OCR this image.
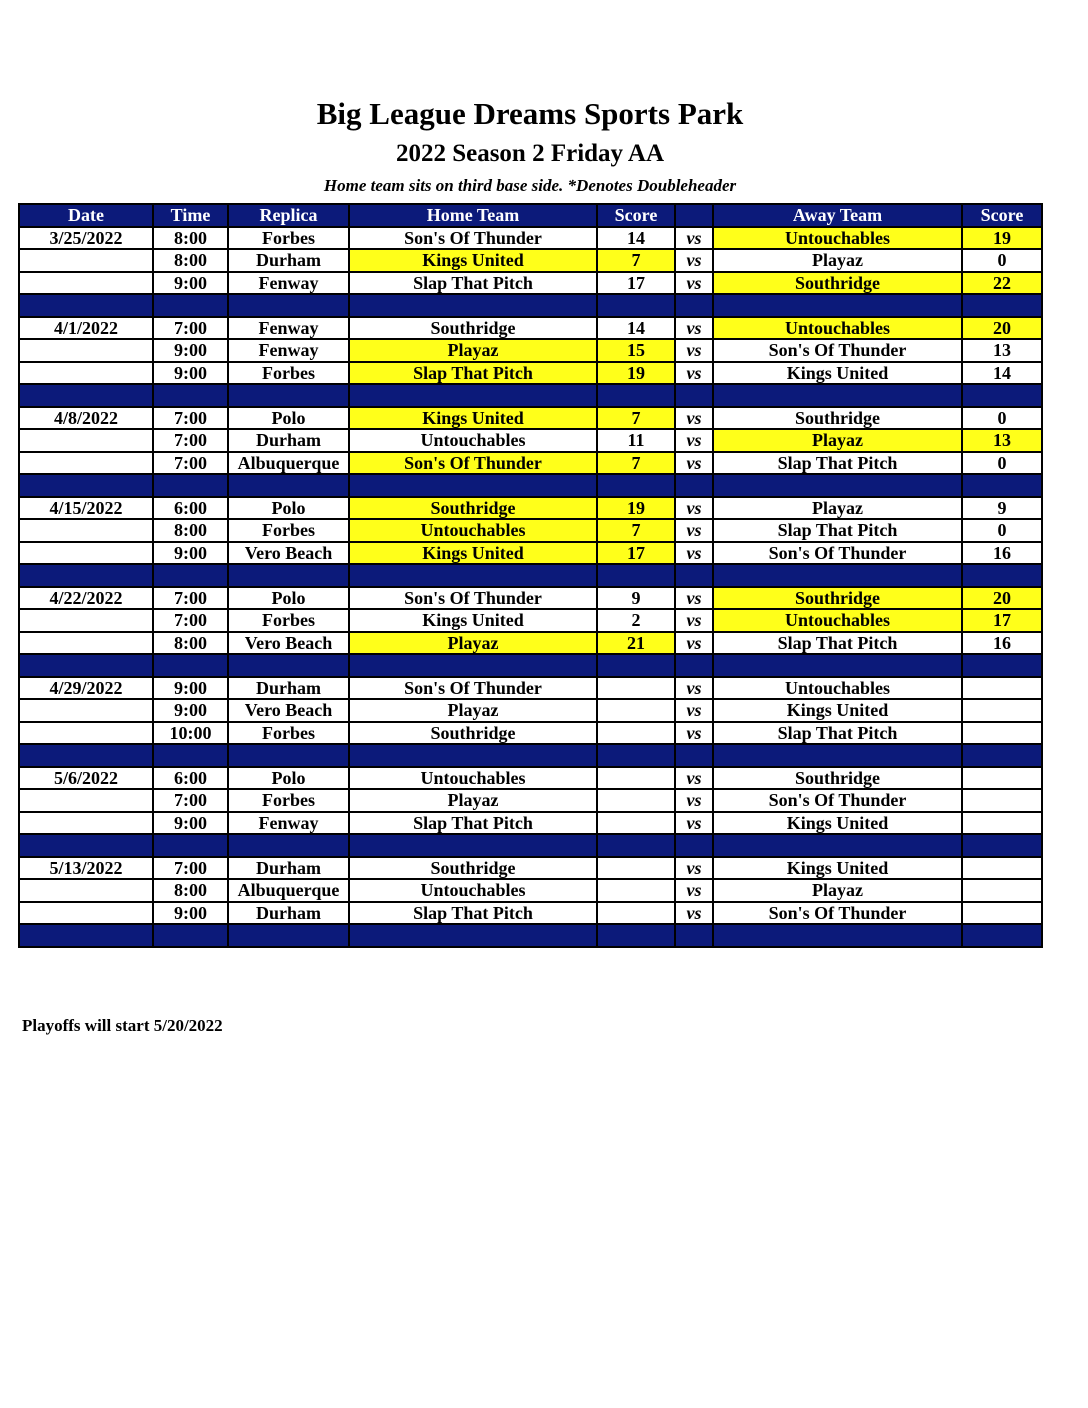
Big League Dreams Sports Park
2022 Season 2 Friday AA
Home team sits on third base side. *Denotes Doubleheader
Date	Time	Replica	Home Team	Score		Away Team	Score
3/25/2022	8:00	Forbes	Son's Of Thunder	14	vs	Untouchables	19
	8:00	Durham	Kings United	7	vs	Playaz	0
	9:00	Fenway	Slap That Pitch	17	vs	Southridge	22

4/1/2022	7:00	Fenway	Southridge	14	vs	Untouchables	20
	9:00	Fenway	Playaz	15	vs	Son's Of Thunder	13
	9:00	Forbes	Slap That Pitch	19	vs	Kings United	14

4/8/2022	7:00	Polo	Kings United	7	vs	Southridge	0
	7:00	Durham	Untouchables	11	vs	Playaz	13
	7:00	Albuquerque	Son's Of Thunder	7	vs	Slap That Pitch	0

4/15/2022	6:00	Polo	Southridge	19	vs	Playaz	9
	8:00	Forbes	Untouchables	7	vs	Slap That Pitch	0
	9:00	Vero Beach	Kings United	17	vs	Son's Of Thunder	16

4/22/2022	7:00	Polo	Son's Of Thunder	9	vs	Southridge	20
	7:00	Forbes	Kings United	2	vs	Untouchables	17
	8:00	Vero Beach	Playaz	21	vs	Slap That Pitch	16

4/29/2022	9:00	Durham	Son's Of Thunder		vs	Untouchables	
	9:00	Vero Beach	Playaz		vs	Kings United	
	10:00	Forbes	Southridge		vs	Slap That Pitch	

5/6/2022	6:00	Polo	Untouchables		vs	Southridge	
	7:00	Forbes	Playaz		vs	Son's Of Thunder	
	9:00	Fenway	Slap That Pitch		vs	Kings United	

5/13/2022	7:00	Durham	Southridge		vs	Kings United	
	8:00	Albuquerque	Untouchables		vs	Playaz	
	9:00	Durham	Slap That Pitch		vs	Son's Of Thunder	

Playoffs will start 5/20/2022
